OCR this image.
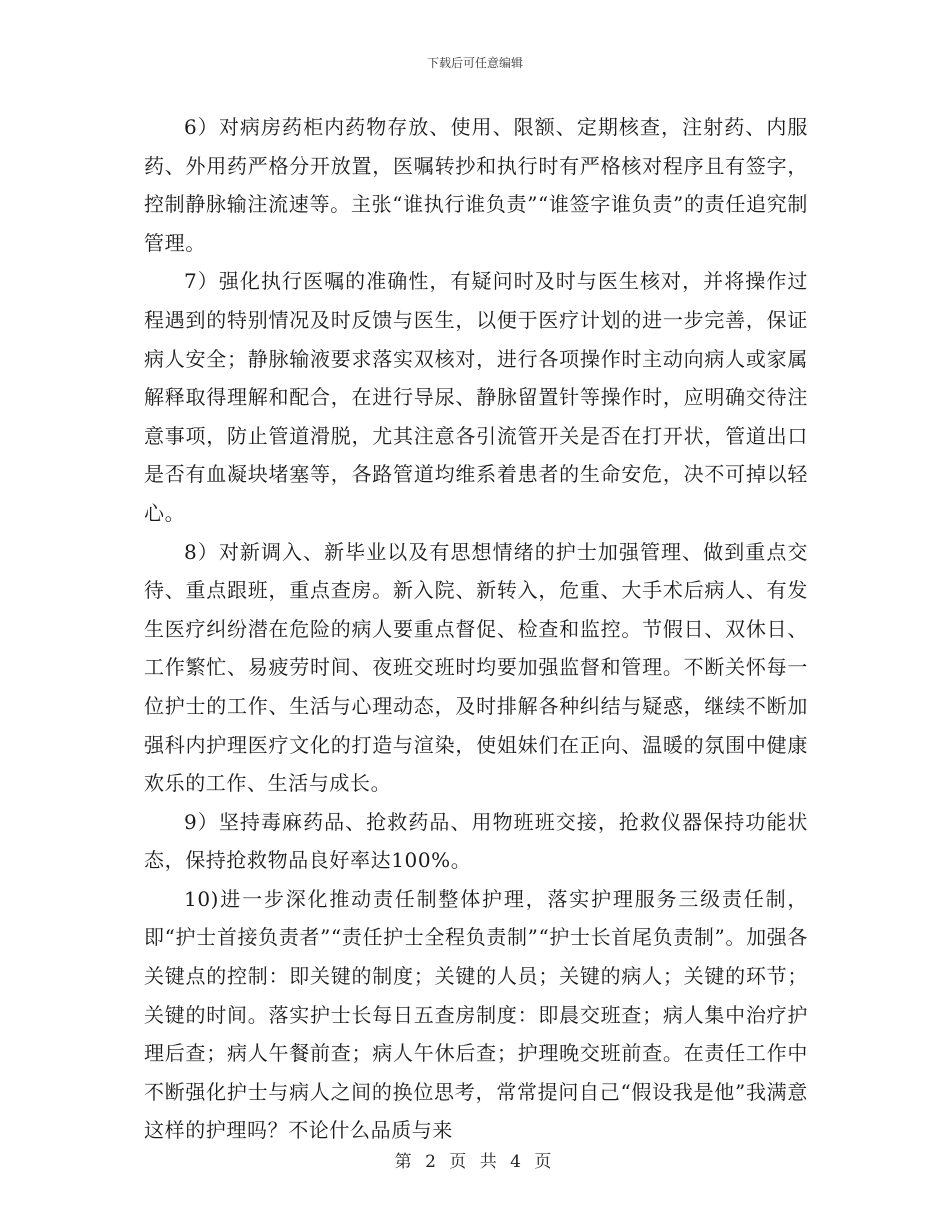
下载后可任意编辑

6）对病房药柜内药物存放、使用、限额、定期核查，注射药、内服药、外用药严格分开放置，医嘱转抄和执行时有严格核对程序且有签字，控制静脉输注流速等。主张“谁执行谁负责”“谁签字谁负责”的责任追究制管理。

7）强化执行医嘱的准确性，有疑问时及时与医生核对，并将操作过程遇到的特别情况及时反馈与医生，以便于医疗计划的进一步完善，保证病人安全；静脉输液要求落实双核对，进行各项操作时主动向病人或家属解释取得理解和配合，在进行导尿、静脉留置针等操作时，应明确交待注意事项，防止管道滑脱，尤其注意各引流管开关是否在打开状，管道出口是否有血凝块堵塞等，各路管道均维系着患者的生命安危，决不可掉以轻心。

8）对新调入、新毕业以及有思想情绪的护士加强管理、做到重点交待、重点跟班，重点查房。新入院、新转入，危重、大手术后病人、有发生医疗纠纷潜在危险的病人要重点督促、检查和监控。节假日、双休日、工作繁忙、易疲劳时间、夜班交班时均要加强监督和管理。不断关怀每一位护士的工作、生活与心理动态，及时排解各种纠结与疑惑，继续不断加强科内护理医疗文化的打造与渲染，使姐妹们在正向、温暖的氛围中健康欢乐的工作、生活与成长。

9）坚持毒麻药品、抢救药品、用物班班交接，抢救仪器保持功能状态，保持抢救物品良好率达100%。

10)进一步深化推动责任制整体护理，落实护理服务三级责任制，即“护士首接负责者”“责任护士全程负责制”“护士长首尾负责制”。加强各关键点的控制：即关键的制度；关键的人员；关键的病人；关键的环节；关键的时间。落实护士长每日五查房制度：即晨交班查；病人集中治疗护理后查；病人午餐前查；病人午休后查；护理晚交班前查。在责任工作中不断强化护士与病人之间的换位思考，常常提问自己“假设我是他”我满意这样的护理吗？不论什么品质与来

第 2 页 共 4 页
